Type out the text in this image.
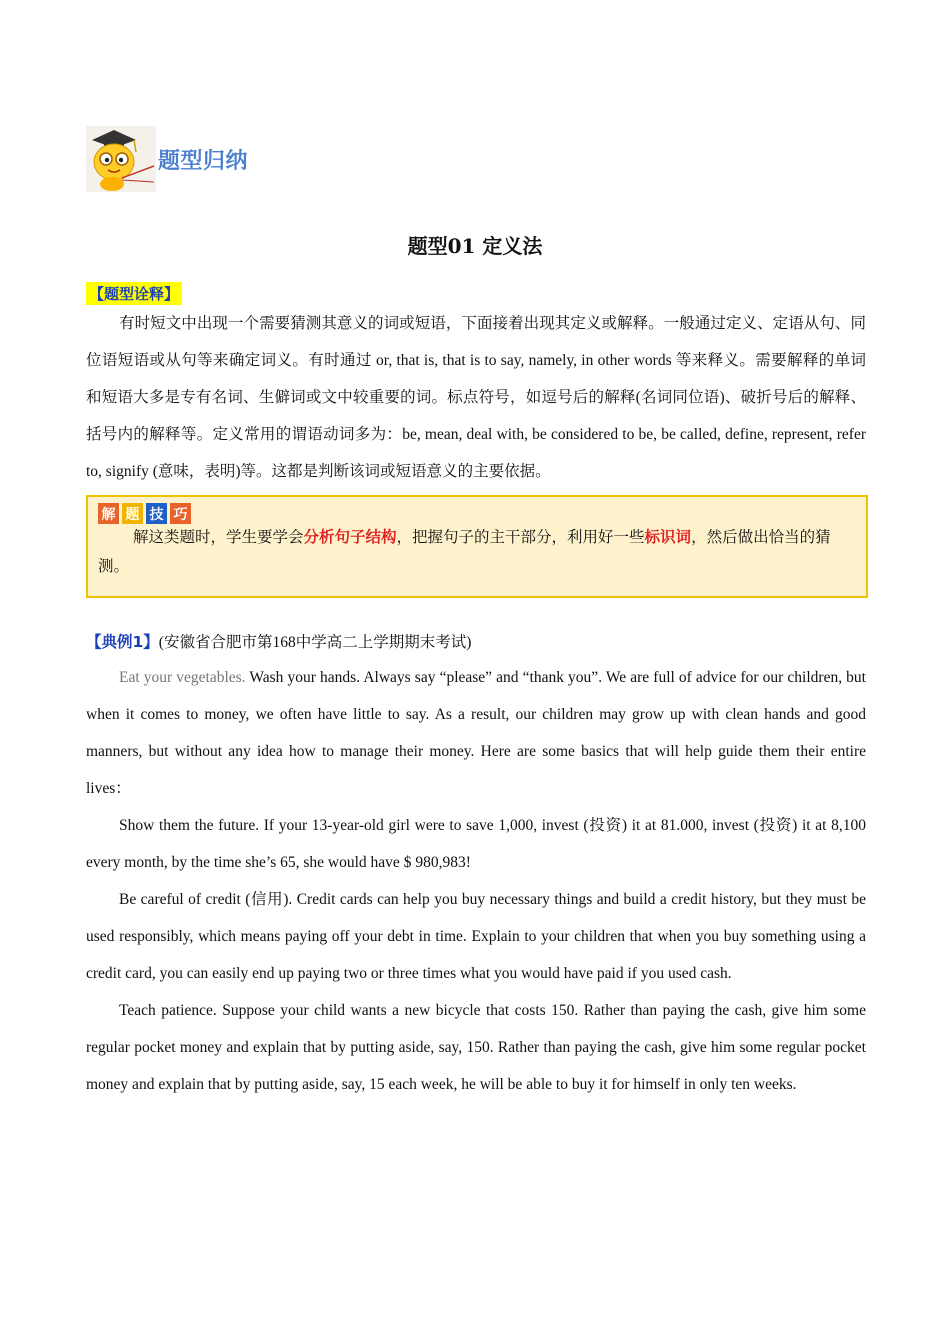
题型归纳
题型01 定义法
【题型诠释】
有时短文中出现一个需要猜测其意义的词或短语，下面接着出现其定义或解释。一般通过定义、定语从句、同位语短语或从句等来确定词义。有时通过 or, that is, that is to say, namely, in other words 等来释义。需要解释的单词和短语大多是专有名词、生僻词或文中较重要的词。标点符号，如逗号后的解释(名词同位语)、破折号后的解释、括号内的解释等。定义常用的谓语动词多为：be, mean, deal with, be considered to be, be called, define, represent, refer to, signify (意味，表明)等。这都是判断该词或短语意义的主要依据。
解 题 技 巧
解这类题时，学生要学会分析句子结构，把握句子的主干部分，利用好一些标识词，然后做出恰当的猜测。
【典例1】(安徽省合肥市第168中学高二上学期期末考试)

Eat your vegetables. Wash your hands. Always say “please” and “thank you”. We are full of advice for our children, but when it comes to money, we often have little to say. As a result, our children may grow up with clean hands and good manners, but without any idea how to manage their money. Here are some basics that will help guide them their entire lives：

Show them the future. If your 13-year-old girl were to save 1,000, invest (投资) it at 81.000, invest (投资) it at 8,100 every month, by the time she’s 65, she would have $ 980,983!

Be careful of credit (信用). Credit cards can help you buy necessary things and build a credit history, but they must be used responsibly, which means paying off your debt in time. Explain to your children that when you buy something using a credit card, you can easily end up paying two or three times what you would have paid if you used cash.

Teach patience. Suppose your child wants a new bicycle that costs 150. Rather than paying the cash, give him some regular pocket money and explain that by putting aside, say, 150. Rather than paying the cash, give him some regular pocket money and explain that by putting aside, say, 15 each week, he will be able to buy it for himself in only ten weeks.
